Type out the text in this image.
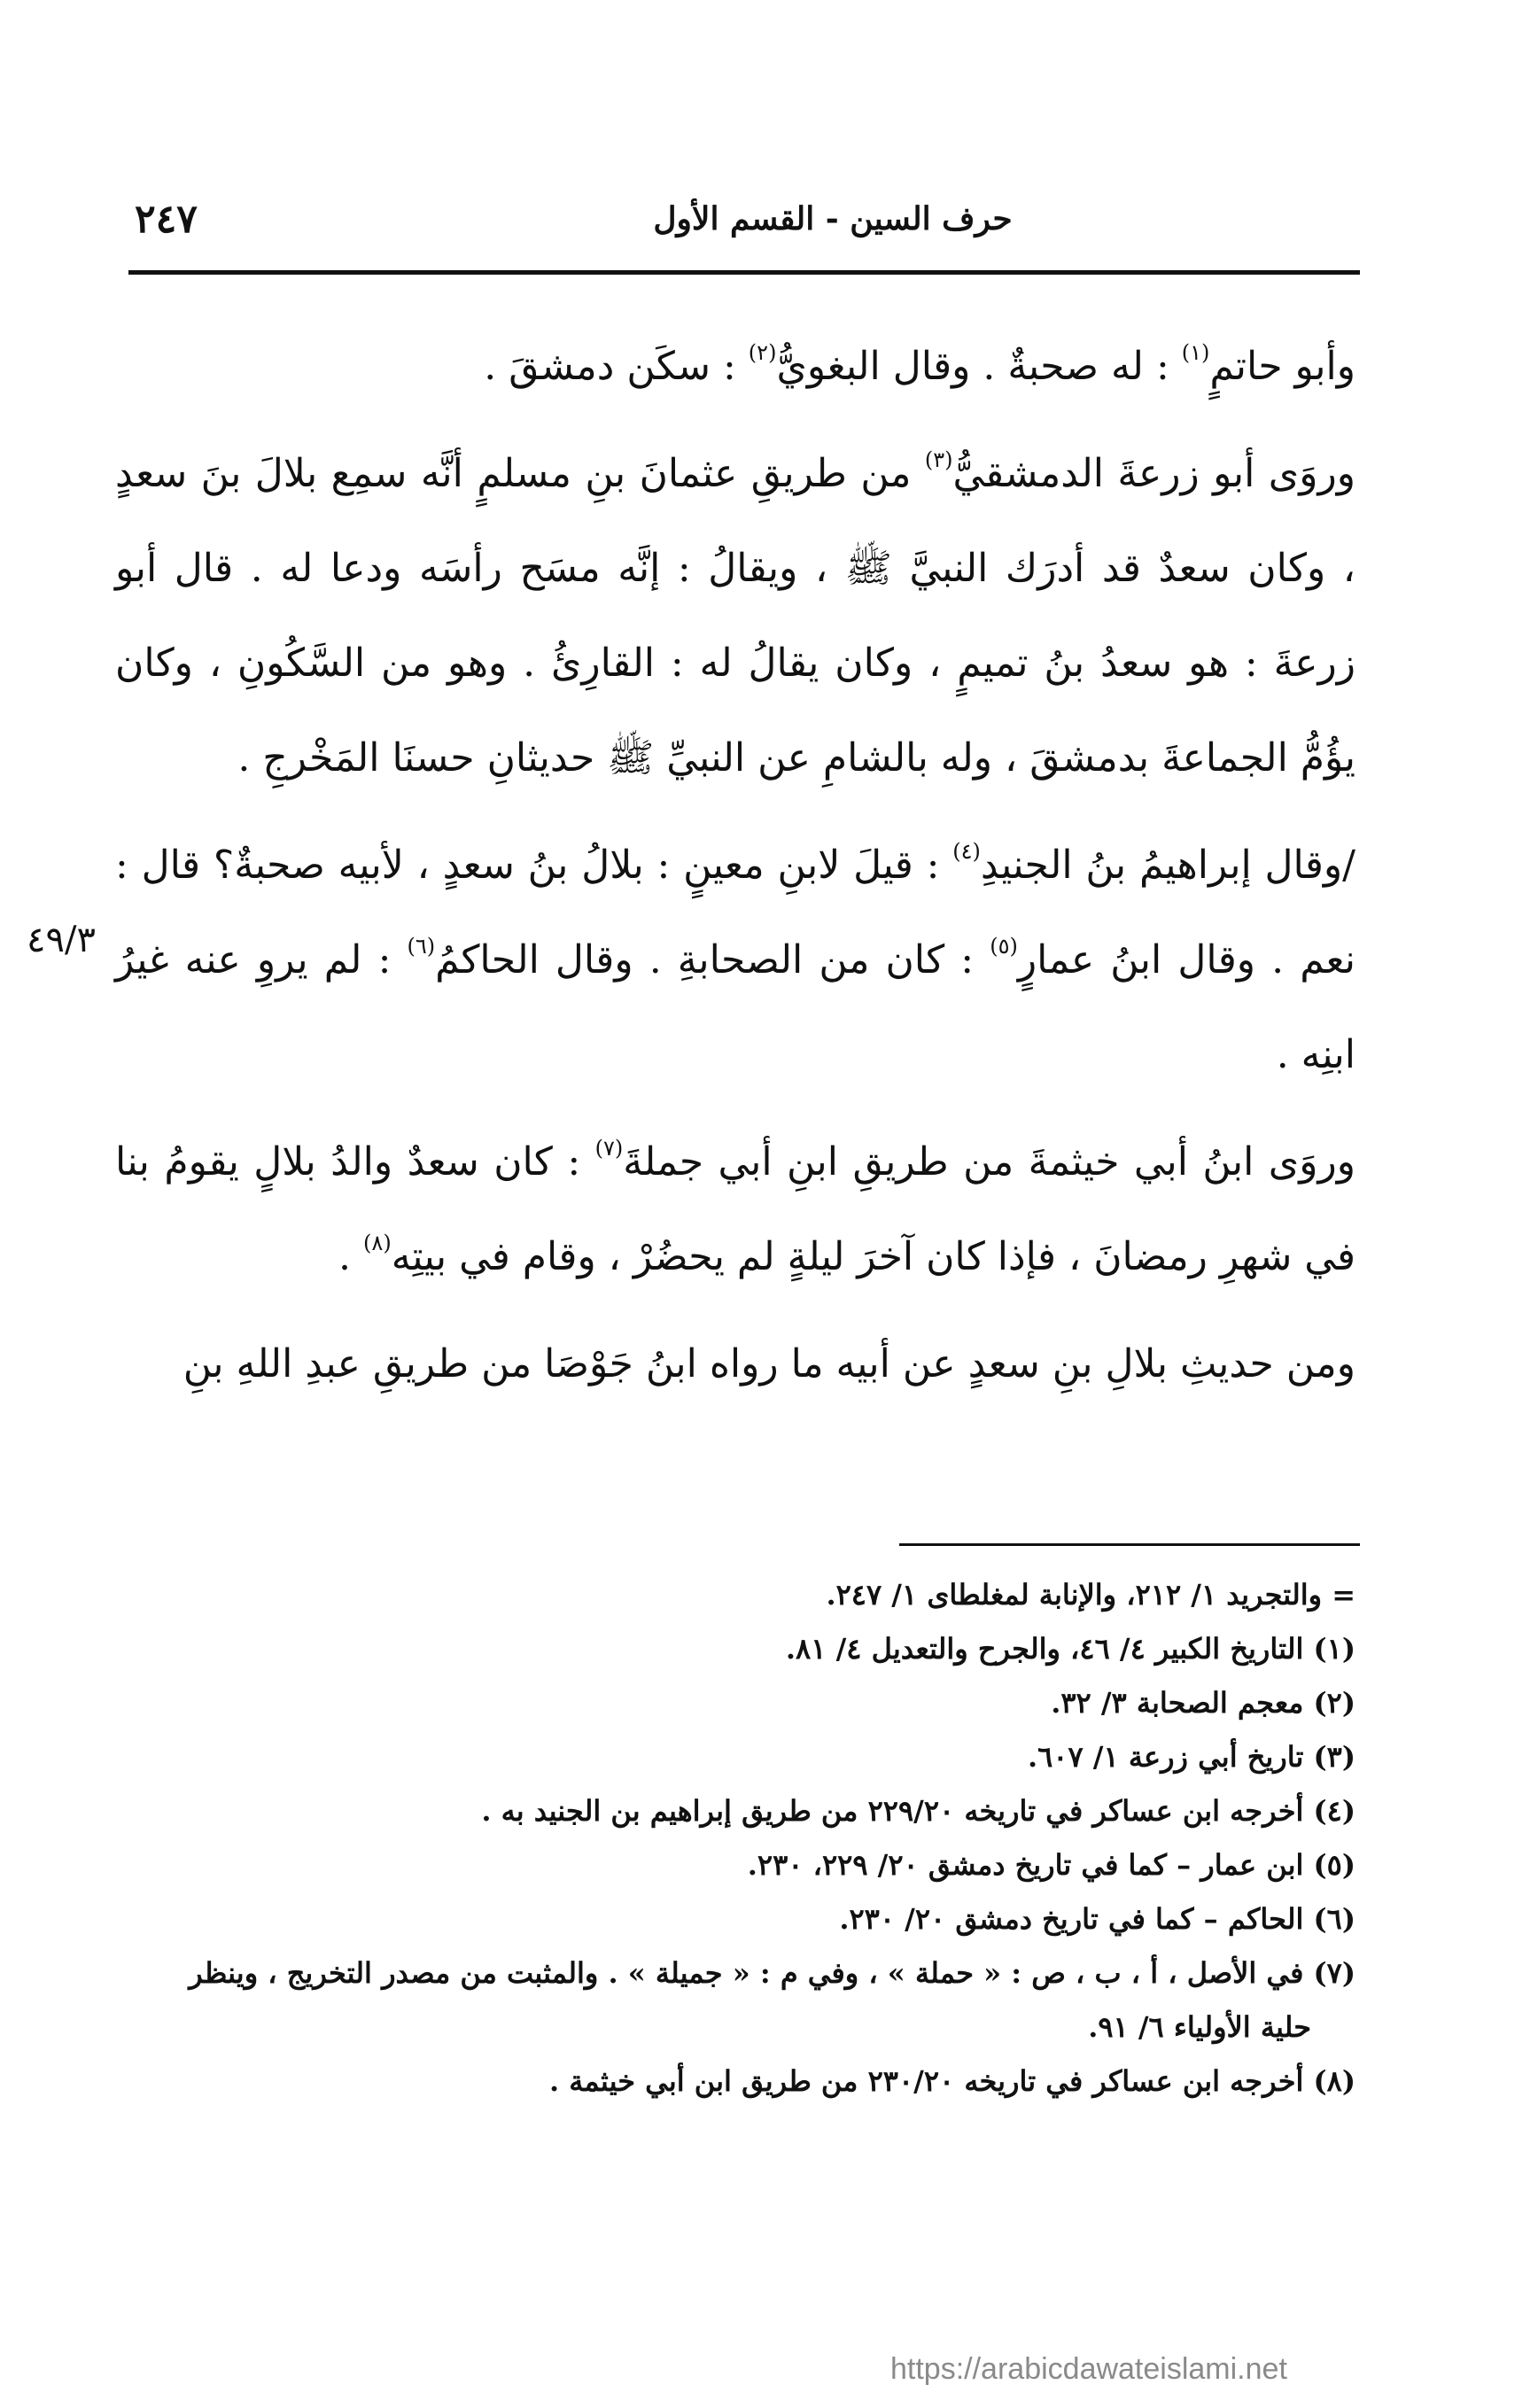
٢٤٧	حرف السين - القسم الأول
٤٩/٣

وأبو حاتمٍ$^{(١)}$ : له صحبةٌ . وقال البغويُّ$^{(٢)}$ : سكَن دمشقَ .

وروَى أبو زرعةَ الدمشقيُّ$^{(٣)}$ من طريقِ عثمانَ بنِ مسلمٍ أنَّه سمِع بلالَ بنَ سعدٍ ، وكان سعدٌ قد أدرَك النبيَّ ﷺ ، ويقالُ : إنَّه مسَح رأسَه ودعا له . قال أبو زرعةَ : هو سعدُ بنُ تميمٍ ، وكان يقالُ له : القارِئُ . وهو من السَّكُونِ ، وكان يؤُمُّ الجماعةَ بدمشقَ ، وله بالشامِ عن النبيِّ ﷺ حديثانِ حسنَا المَخْرجِ .

/وقال إبراهيمُ بنُ الجنيدِ$^{(٤)}$ : قيلَ لابنِ معينٍ : بلالُ بنُ سعدٍ ، لأبيه صحبةٌ؟ قال : نعم . وقال ابنُ عمارٍ$^{(٥)}$ : كان من الصحابةِ . وقال الحاكمُ$^{(٦)}$ : لم يروِ عنه غيرُ ابنِه .

وروَى ابنُ أبي خيثمةَ من طريقِ ابنِ أبي جملةَ$^{(٧)}$ : كان سعدٌ والدُ بلالٍ يقومُ بنا في شهرِ رمضانَ ، فإذا كان آخرَ ليلةٍ لم يحضُرْ ، وقام في بيتِه$^{(٨)}$ .

ومن حديثِ بلالِ بنِ سعدٍ عن أبيه ما رواه ابنُ جَوْصَا من طريقِ عبدِ اللهِ بنِ

= والتجريد ١/ ٢١٢، والإنابة لمغلطاى ١/ ٢٤٧.

(١) التاريخ الكبير ٤/ ٤٦، والجرح والتعديل ٤/ ٨١.

(٢) معجم الصحابة ٣/ ٣٢.

(٣) تاريخ أبي زرعة ١/ ٦٠٧.

(٤) أخرجه ابن عساكر في تاريخه ٢٢٩/٢٠ من طريق إبراهيم بن الجنيد به .

(٥) ابن عمار – كما في تاريخ دمشق ٢٠/ ٢٢٩، ٢٣٠.

(٦) الحاكم – كما في تاريخ دمشق ٢٠/ ٢٣٠.

(٧) في الأصل ، أ ، ب ، ص : « حملة » ، وفي م : « جميلة » . والمثبت من مصدر التخريج ، وينظر

حلية الأولياء ٦/ ٩١.

(٨) أخرجه ابن عساكر في تاريخه ٢٣٠/٢٠ من طريق ابن أبي خيثمة .

https://arabicdawateislami.net
